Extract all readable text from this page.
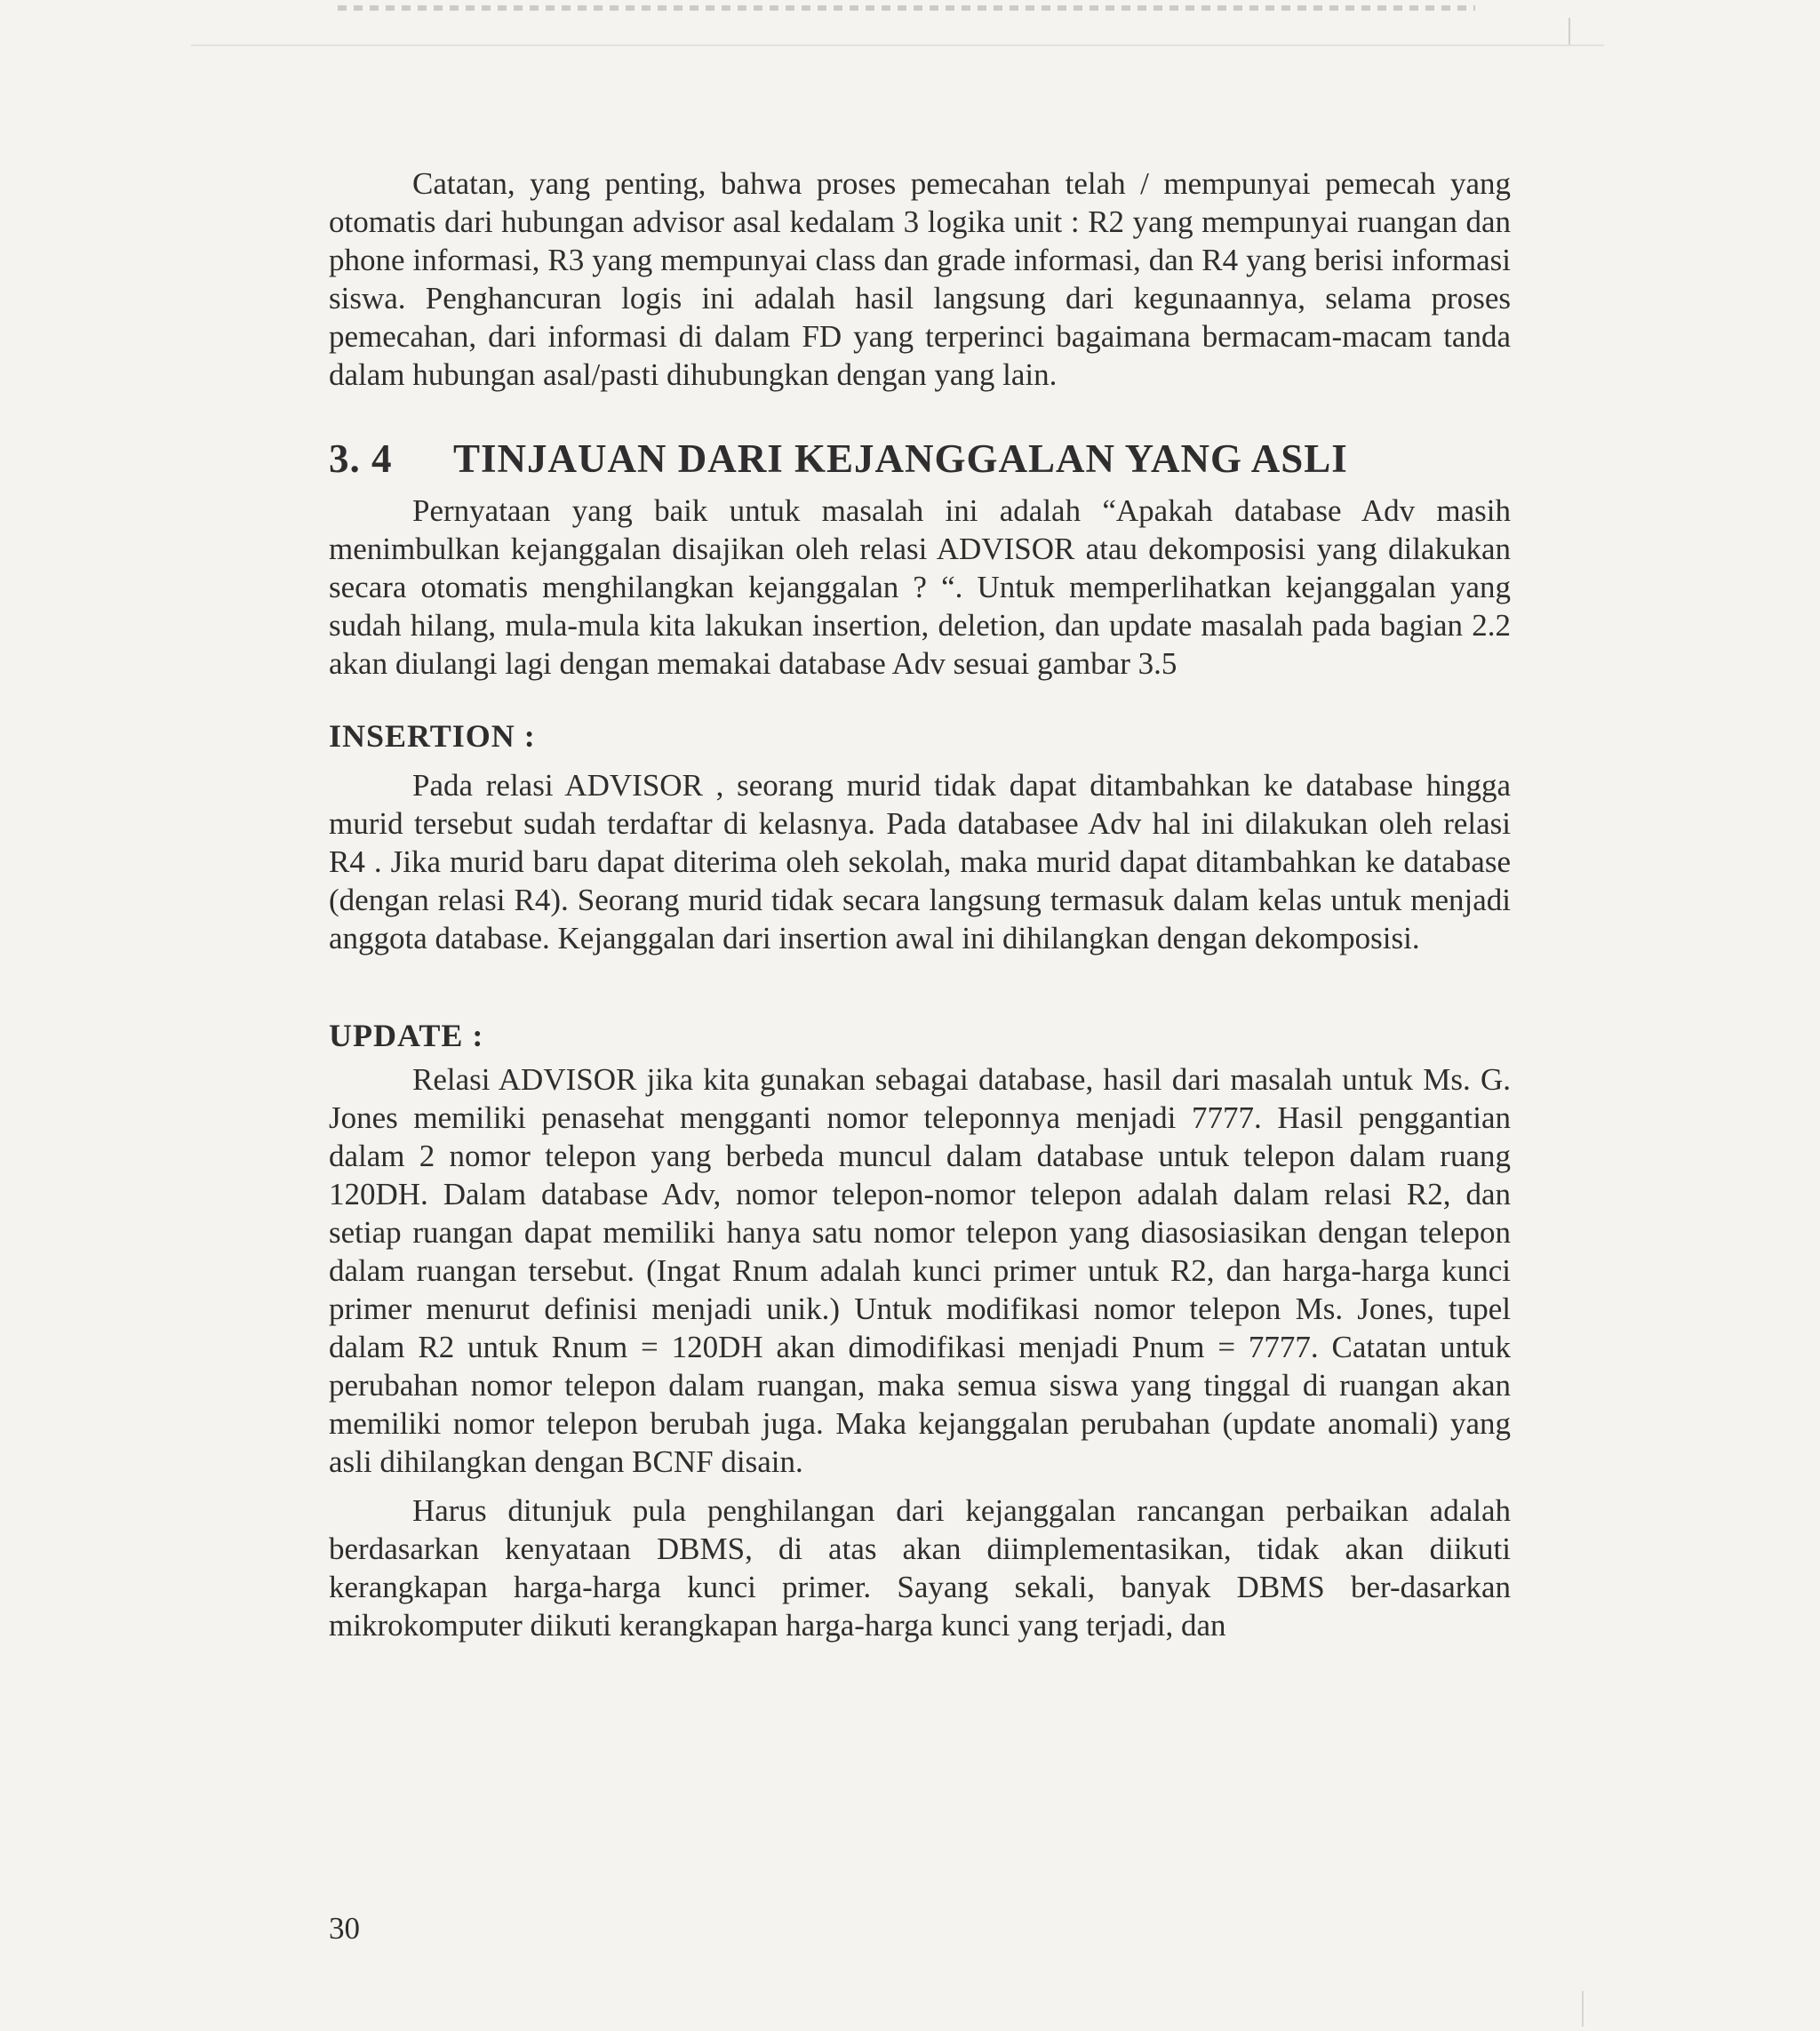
Catatan, yang penting, bahwa proses pemecahan telah / mempunyai pemecah yang otomatis dari hubungan advisor asal kedalam 3 logika unit : R2 yang mempunyai ruangan dan phone informasi, R3 yang mempunyai class dan grade informasi, dan R4 yang berisi informasi siswa. Penghancuran logis ini adalah hasil langsung dari kegunaannya, selama proses pemecahan, dari informasi di dalam FD yang terperinci bagaimana bermacam-macam tanda dalam hubungan asal/pasti dihubungkan dengan yang lain.

3. 4	TINJAUAN DARI KEJANGGALAN YANG ASLI

Pernyataan yang baik untuk masalah ini adalah “Apakah database Adv masih menimbulkan kejanggalan disajikan oleh relasi ADVISOR atau dekomposisi yang dilakukan secara otomatis menghilangkan kejanggalan ? “. Untuk memperlihatkan kejanggalan yang sudah hilang, mula-mula kita lakukan insertion, deletion, dan update masalah pada bagian 2.2 akan diulangi lagi dengan memakai database Adv sesuai gambar 3.5

INSERTION :

Pada relasi ADVISOR , seorang murid tidak dapat ditambahkan ke database hingga murid tersebut sudah terdaftar di kelasnya. Pada databasee Adv hal ini dilakukan oleh relasi R4 . Jika murid baru dapat diterima oleh sekolah, maka murid dapat ditambahkan ke database (dengan relasi R4). Seorang murid tidak secara langsung termasuk dalam kelas untuk menjadi anggota database. Kejanggalan dari insertion awal ini dihilangkan dengan dekomposisi.

UPDATE :

Relasi ADVISOR jika kita gunakan sebagai database, hasil dari masalah untuk Ms. G. Jones memiliki penasehat mengganti nomor teleponnya menjadi 7777. Hasil penggantian dalam 2 nomor telepon yang berbeda muncul dalam database untuk telepon dalam ruang 120DH. Dalam database Adv, nomor telepon-nomor telepon adalah dalam relasi R2, dan setiap ruangan dapat memiliki hanya satu nomor telepon yang diasosiasikan dengan telepon dalam ruangan tersebut. (Ingat Rnum adalah kunci primer untuk R2, dan harga-harga kunci primer menurut definisi menjadi unik.) Untuk modifikasi nomor telepon Ms. Jones, tupel dalam R2 untuk Rnum = 120DH akan dimodifikasi menjadi Pnum = 7777. Catatan untuk perubahan nomor telepon dalam ruangan, maka semua siswa yang tinggal di ruangan akan memiliki nomor telepon berubah juga. Maka kejanggalan perubahan (update anomali) yang asli dihilangkan dengan BCNF disain.

Harus ditunjuk pula penghilangan dari kejanggalan rancangan perbaikan adalah berdasarkan kenyataan DBMS, di atas akan diimplementasikan, tidak akan diikuti kerangkapan harga-harga kunci primer. Sayang sekali, banyak DBMS ber-dasarkan mikrokomputer diikuti kerangkapan harga-harga kunci yang terjadi, dan

30
